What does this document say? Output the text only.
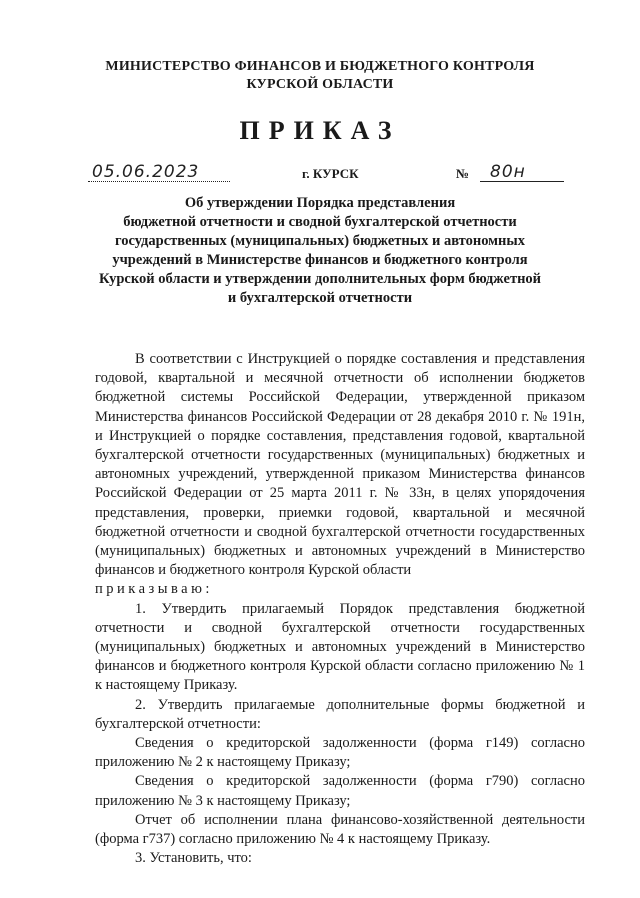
МИНИСТЕРСТВО ФИНАНСОВ И БЮДЖЕТНОГО КОНТРОЛЯ
КУРСКОЙ ОБЛАСТИ
ПРИКАЗ
05.06.2023	г. КУРСК	№ 80н
Об утверждении Порядка представления
бюджетной отчетности и сводной бухгалтерской отчетности
государственных (муниципальных) бюджетных и автономных
учреждений в Министерстве финансов и бюджетного контроля
Курской области и утверждении дополнительных форм бюджетной
и бухгалтерской отчетности

В соответствии с Инструкцией о порядке составления и представления годовой, квартальной и месячной отчетности об исполнении бюджетов бюджетной системы Российской Федерации, утвержденной приказом Министерства финансов Российской Федерации от 28 декабря 2010 г. № 191н, и Инструкцией о порядке составления, представления годовой, квартальной бухгалтерской отчетности государственных (муниципальных) бюджетных и автономных учреждений, утвержденной приказом Министерства финансов Российской Федерации от 25 марта 2011 г. № 33н, в целях упорядочения представления, проверки, приемки годовой, квартальной и месячной бюджетной отчетности и сводной бухгалтерской отчетности государственных (муниципальных) бюджетных и автономных учреждений в Министерство финансов и бюджетного контроля Курской области

приказываю:

1. Утвердить прилагаемый Порядок представления бюджетной отчетности и сводной бухгалтерской отчетности государственных (муниципальных) бюджетных и автономных учреждений в Министерство финансов и бюджетного контроля Курской области согласно приложению № 1 к настоящему Приказу.

2. Утвердить прилагаемые дополнительные формы бюджетной и бухгалтерской отчетности:

Сведения о кредиторской задолженности (форма г149) согласно приложению № 2 к настоящему Приказу;

Сведения о кредиторской задолженности (форма г790) согласно приложению № 3 к настоящему Приказу;

Отчет об исполнении плана финансово-хозяйственной деятельности (форма г737) согласно приложению № 4 к настоящему Приказу.

3. Установить, что:
